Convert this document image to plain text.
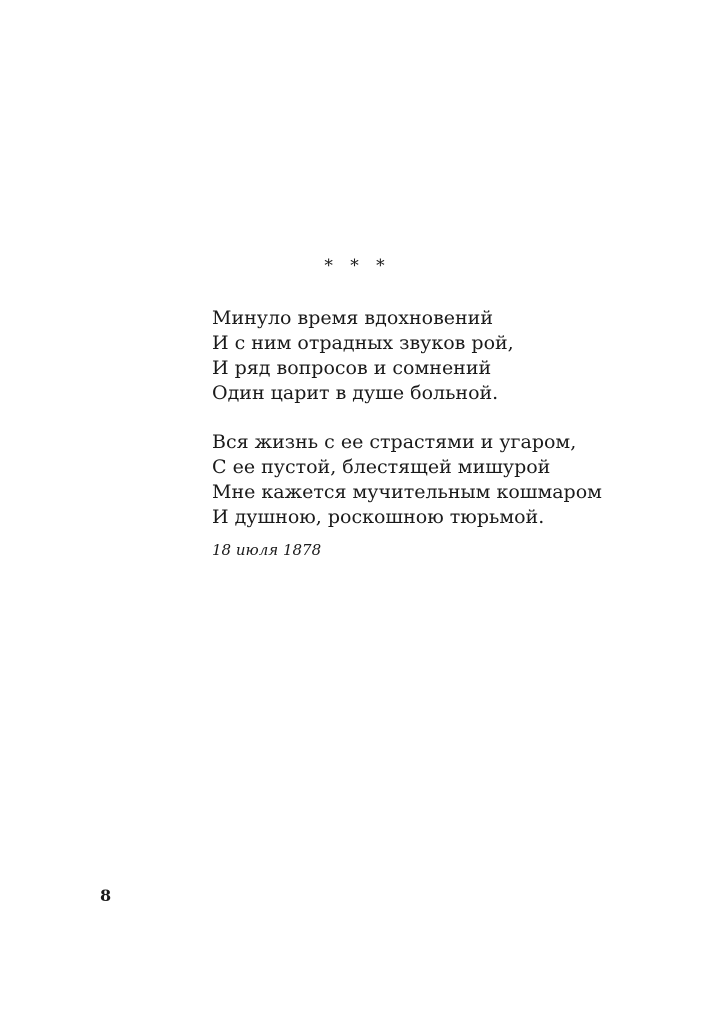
* * *
Минуло время вдохновений
И с ним отрадных звуков рой,
И ряд вопросов и сомнений
Один царит в душе больной.
Вся жизнь с ее страстями и угаром,
С ее пустой, блестящей мишурой
Мне кажется мучительным кошмаром
И душною, роскошною тюрьмой.
18 июля 1878
8
